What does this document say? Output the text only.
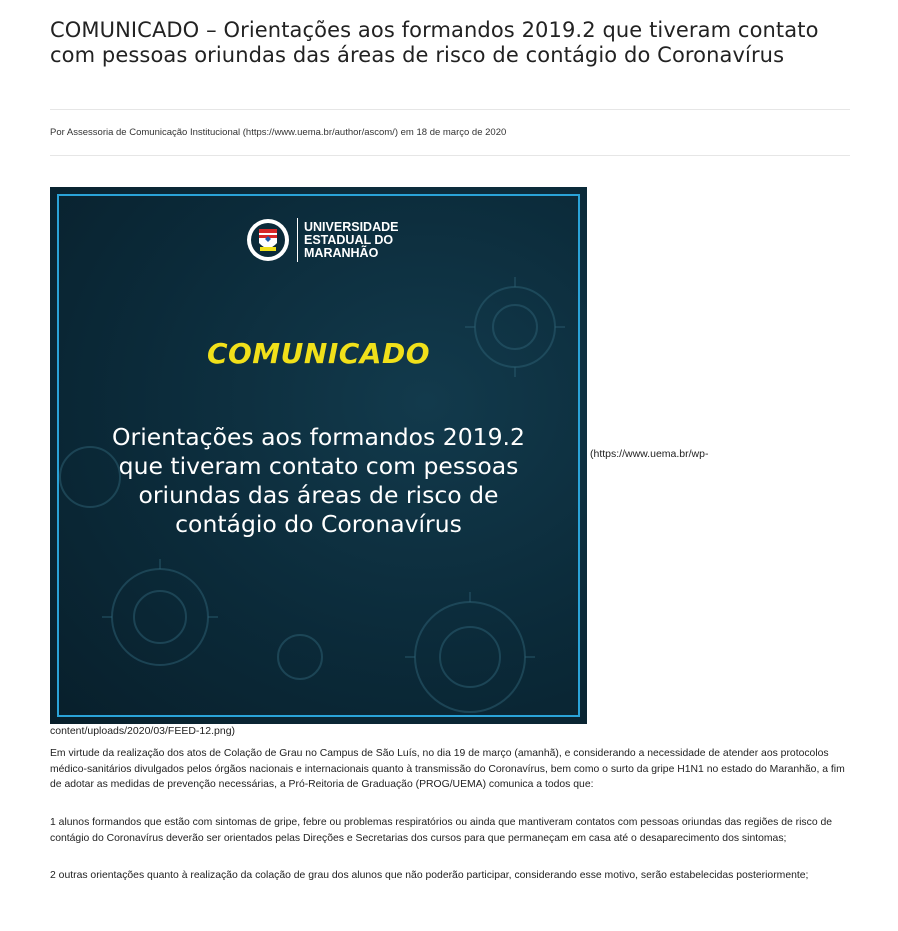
COMUNICADO – Orientações aos formandos 2019.2 que tiveram contato com pessoas oriundas das áreas de risco de contágio do Coronavírus
Por Assessoria de Comunicação Institucional (https://www.uema.br/author/ascom/) em 18 de março de 2020
UNIVERSIDADE
ESTADUAL DO
MARANHÃO
COMUNICADO
Orientações aos formandos 2019.2
que tiveram contato com pessoas
oriundas das áreas de risco de
contágio do Coronavírus
(https://www.uema.br/wp-
content/uploads/2020/03/FEED-12.png)

Em virtude da realização dos atos de Colação de Grau no Campus de São Luís, no dia 19 de março (amanhã), e considerando a necessidade de atender aos protocolos médico-sanitários divulgados pelos órgãos nacionais e internacionais quanto à transmissão do Coronavírus, bem como o surto da gripe H1N1 no estado do Maranhão, a fim de adotar as medidas de prevenção necessárias, a Pró-Reitoria de Graduação (PROG/UEMA) comunica a todos que:

1 alunos formandos que estão com sintomas de gripe, febre ou problemas respiratórios ou ainda que mantiveram contatos com pessoas oriundas das regiões de risco de contágio do Coronavírus deverão ser orientados pelas Direções e Secretarias dos cursos para que permaneçam em casa até o desaparecimento dos sintomas;

2 outras orientações quanto à realização da colação de grau dos alunos que não poderão participar, considerando esse motivo, serão estabelecidas posteriormente;
